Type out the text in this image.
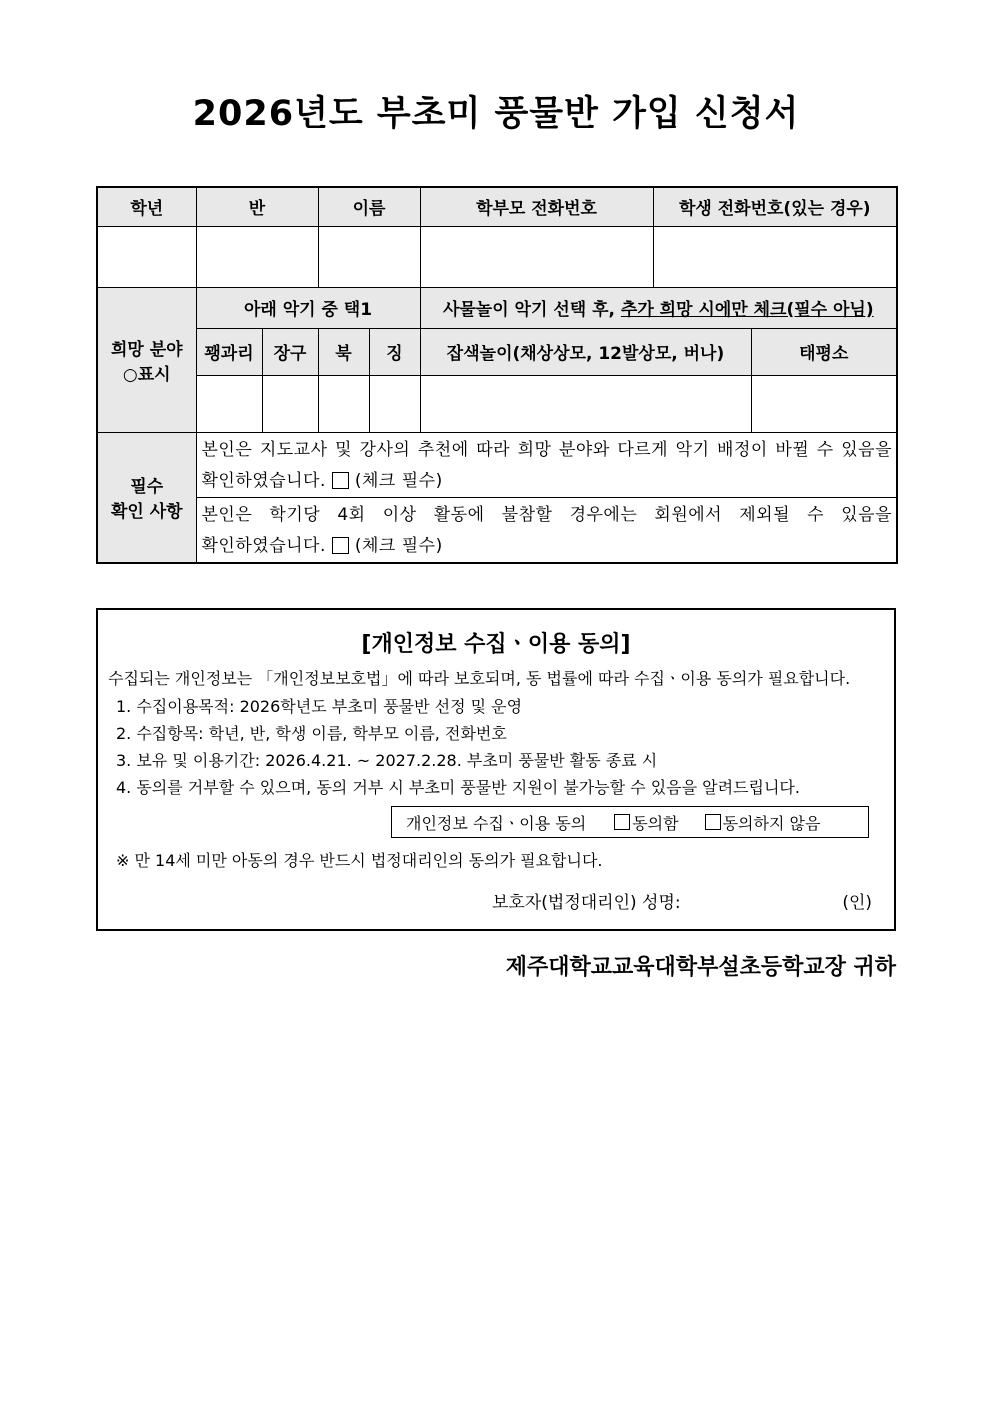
2026년도 부초미 풍물반 가입 신청서
학년	반		이름		학부모 전화번호	학생 전화번호(있는 경우)	

희망 분야
○표시	아래 악기 중 택1				사물놀이 악기 선택 후, 추가 희망 시에만 체크(필수 아님)		
	꽹과리	장구	북	징	잡색놀이(채상상모, 12발상모, 버나)		태평소

필수
확인 사항	본인은 지도교사 및 강사의 추천에 따라 희망 분야와 다르게 악기 배정이 바뀔 수 있음을 확인하였습니다. (체크 필수)						
	본인은 학기당 4회 이상 활동에 불참할 경우에는 회원에서 제외될 수 있음을 확인하였습니다. (체크 필수)						
[개인정보 수집ㆍ이용 동의]
수집되는 개인정보는 「개인정보보호법」에 따라 보호되며, 동 법률에 따라 수집ㆍ이용 동의가 필요합니다.
1. 수집이용목적: 2026학년도 부초미 풍물반 선정 및 운영
2. 수집항목: 학년, 반, 학생 이름, 학부모 이름, 전화번호
3. 보유 및 이용기간: 2026.4.21. ~ 2027.2.28. 부초미 풍물반 활동 종료 시
4. 동의를 거부할 수 있으며, 동의 거부 시 부초미 풍물반 지원이 불가능할 수 있음을 알려드립니다.
개인정보 수집ㆍ이용 동의	동의함	동의하지 않음
※ 만 14세 미만 아동의 경우 반드시 법정대리인의 동의가 필요합니다.
보호자(법정대리인) 성명:	(인)
제주대학교교육대학부설초등학교장 귀하
